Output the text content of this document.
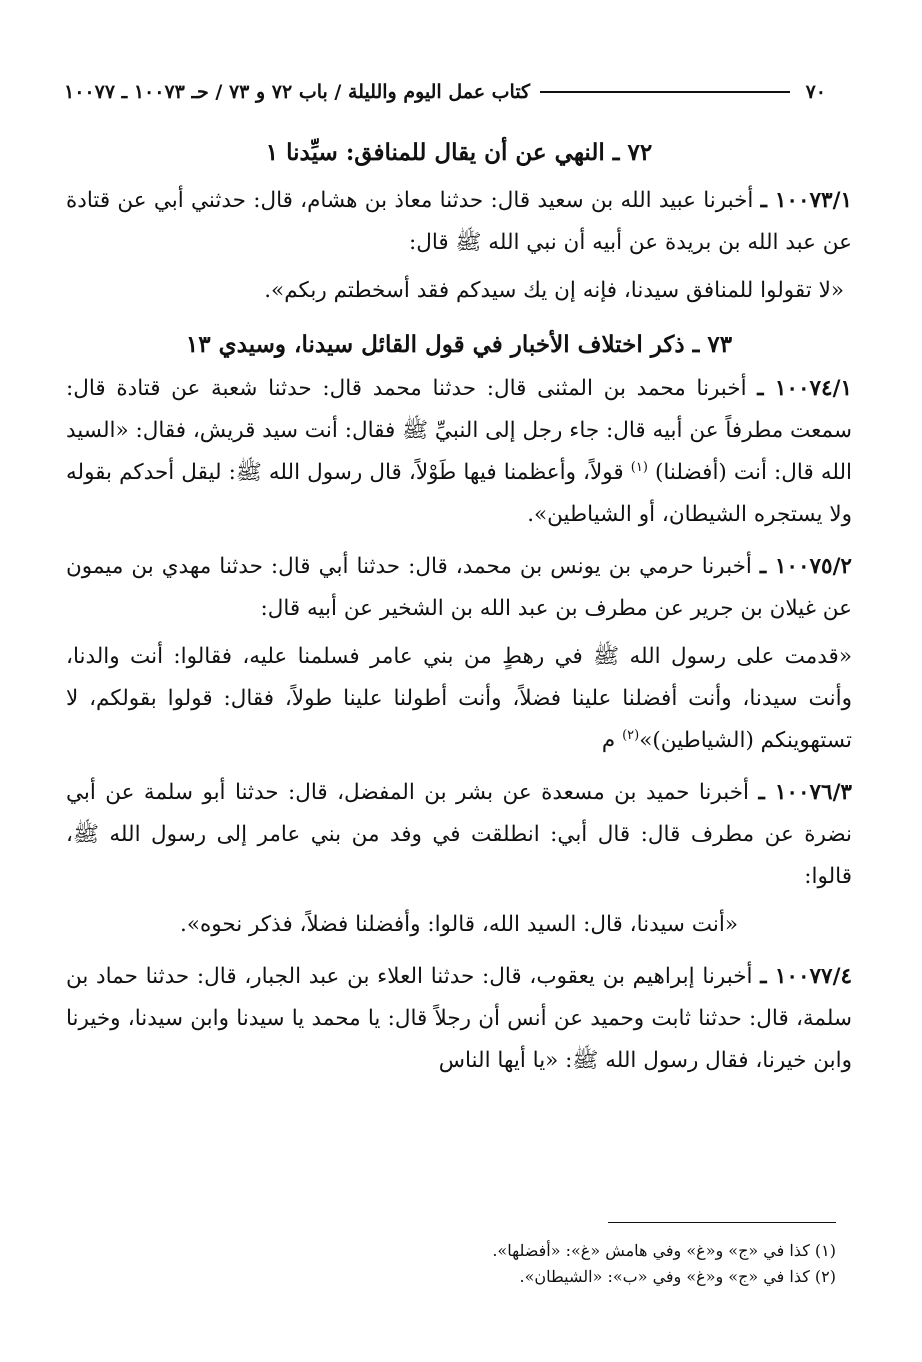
٧٠
كتاب عمل اليوم والليلة / باب ٧٢ و ٧٣ / حـ ١٠٠٧٣ ـ ١٠٠٧٧

٧٢ ـ النهي عن أن يقال للمنافق: سيِّدنا ١

١٠٠٧٣/١ ـ أخبرنا عبيد الله بن سعيد قال: حدثنا معاذ بن هشام، قال: حدثني أبي عن قتادة عن عبد الله بن بريدة عن أبيه أن نبي الله ﷺ قال:

«لا تقولوا للمنافق سيدنا، فإنه إن يك سيدكم فقد أسخطتم ربكم».

٧٣ ـ ذكر اختلاف الأخبار في قول القائل سيدنا، وسيدي ١٣

١٠٠٧٤/١ ـ أخبرنا محمد بن المثنى قال: حدثنا محمد قال: حدثنا شعبة عن قتادة قال: سمعت مطرفاً عن أبيه قال: جاء رجل إلى النبيِّ ﷺ فقال: أنت سيد قريش، فقال: «السيد الله قال: أنت (أفضلنا) $^{(١)}$ قولاً، وأعظمنا فيها طَوْلاً، قال رسول الله ﷺ: ليقل أحدكم بقوله ولا يستجره الشيطان، أو الشياطين».

١٠٠٧٥/٢ ـ أخبرنا حرمي بن يونس بن محمد، قال: حدثنا أبي قال: حدثنا مهدي بن ميمون عن غيلان بن جرير عن مطرف بن عبد الله بن الشخير عن أبيه قال:

«قدمت على رسول الله ﷺ في رهطٍ من بني عامر فسلمنا عليه، فقالوا: أنت والدنا، وأنت سيدنا، وأنت أفضلنا علينا فضلاً، وأنت أطولنا علينا طولاً، فقال: قولوا بقولكم، لا تستهوينكم (الشياطين)»$^{(٢)}$ م

١٠٠٧٦/٣ ـ أخبرنا حميد بن مسعدة عن بشر بن المفضل، قال: حدثنا أبو سلمة عن أبي نضرة عن مطرف قال: قال أبي: انطلقت في وفد من بني عامر إلى رسول الله ﷺ، قالوا:

«أنت سيدنا، قال: السيد الله، قالوا: وأفضلنا فضلاً، فذكر نحوه».

١٠٠٧٧/٤ ـ أخبرنا إبراهيم بن يعقوب، قال: حدثنا العلاء بن عبد الجبار، قال: حدثنا حماد بن سلمة، قال: حدثنا ثابت وحميد عن أنس أن رجلاً قال: يا محمد يا سيدنا وابن سيدنا، وخيرنا وابن خيرنا، فقال رسول الله ﷺ: «يا أيها الناس

(١) كذا في «ج» و«غ» وفي هامش «غ»: «أفضلها».

(٢) كذا في «ج» و«غ» وفي «ب»: «الشيطان».
